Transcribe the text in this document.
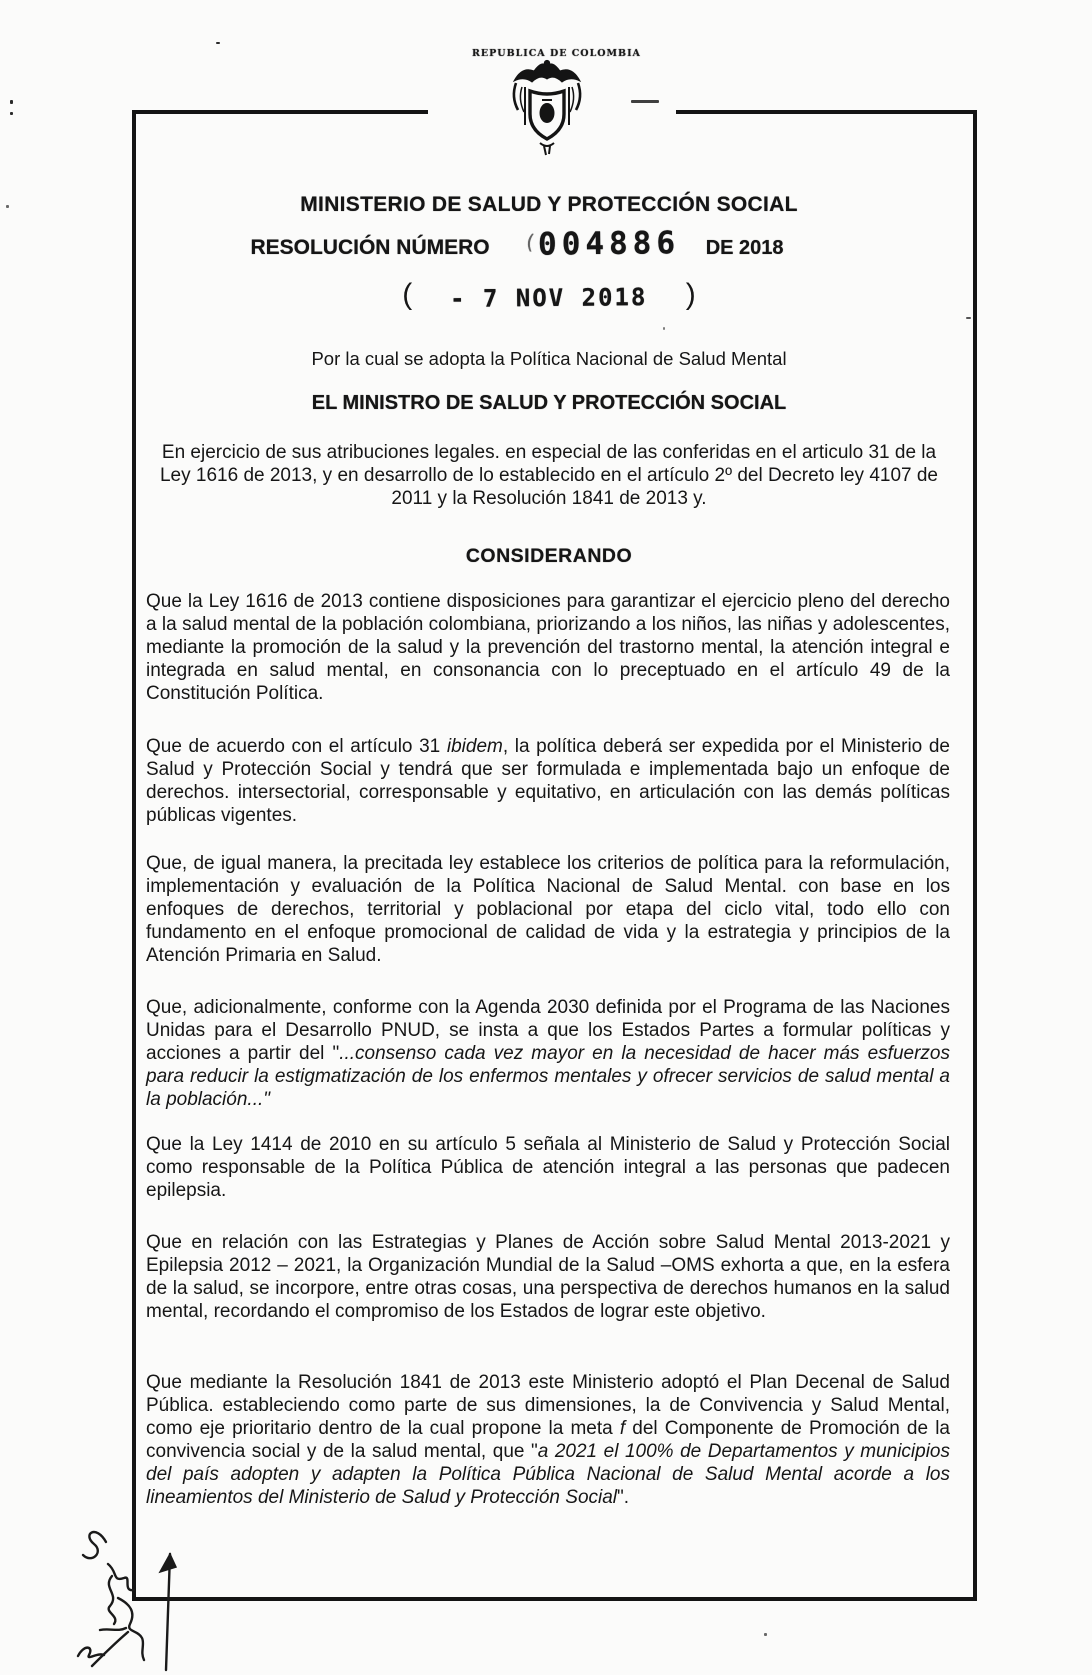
REPUBLICA DE COLOMBIA
MINISTERIO DE SALUD Y PROTECCIÓN SOCIAL
RESOLUCIÓN NÚMERO (004886 DE 2018
( - 7 NOV 2018 )
Por la cual se adopta la Política Nacional de Salud Mental
EL MINISTRO DE SALUD Y PROTECCIÓN SOCIAL
En ejercicio de sus atribuciones legales. en especial de las conferidas en el articulo 31 de la Ley 1616 de 2013, y en desarrollo de lo establecido en el artículo 2º del Decreto ley 4107 de 2011 y la Resolución 1841 de 2013 y.
CONSIDERANDO

Que la Ley 1616 de 2013 contiene disposiciones para garantizar el ejercicio pleno del derecho a la salud mental de la población colombiana, priorizando a los niños, las niñas y adolescentes, mediante la promoción de la salud y la prevención del trastorno mental, la atención integral e integrada en salud mental, en consonancia con lo preceptuado en el artículo 49 de la Constitución Política.

Que de acuerdo con el artículo 31 ibidem, la política deberá ser expedida por el Ministerio de Salud y Protección Social y tendrá que ser formulada e implementada bajo un enfoque de derechos. intersectorial, corresponsable y equitativo, en articulación con las demás políticas públicas vigentes.

Que, de igual manera, la precitada ley establece los criterios de política para la reformulación, implementación y evaluación de la Política Nacional de Salud Mental. con base en los enfoques de derechos, territorial y poblacional por etapa del ciclo vital, todo ello con fundamento en el enfoque promocional de calidad de vida y la estrategia y principios de la Atención Primaria en Salud.

Que, adicionalmente, conforme con la Agenda 2030 definida por el Programa de las Naciones Unidas para el Desarrollo PNUD, se insta a que los Estados Partes a formular políticas y acciones a partir del "...consenso cada vez mayor en la necesidad de hacer más esfuerzos para reducir la estigmatización de los enfermos mentales y ofrecer servicios de salud mental a la población..."

Que la Ley 1414 de 2010 en su artículo 5 señala al Ministerio de Salud y Protección Social como responsable de la Política Pública de atención integral a las personas que padecen epilepsia.

Que en relación con las Estrategias y Planes de Acción sobre Salud Mental 2013-2021 y Epilepsia 2012 – 2021, la Organización Mundial de la Salud –OMS exhorta a que, en la esfera de la salud, se incorpore, entre otras cosas, una perspectiva de derechos humanos en la salud mental, recordando el compromiso de los Estados de lograr este objetivo.

Que mediante la Resolución 1841 de 2013 este Ministerio adoptó el Plan Decenal de Salud Pública. estableciendo como parte de sus dimensiones, la de Convivencia y Salud Mental, como eje prioritario dentro de la cual propone la meta f del Componente de Promoción de la convivencia social y de la salud mental, que "a 2021 el 100% de Departamentos y municipios del país adopten y adapten la Política Pública Nacional de Salud Mental acorde a los lineamientos del Ministerio de Salud y Protección Social".
